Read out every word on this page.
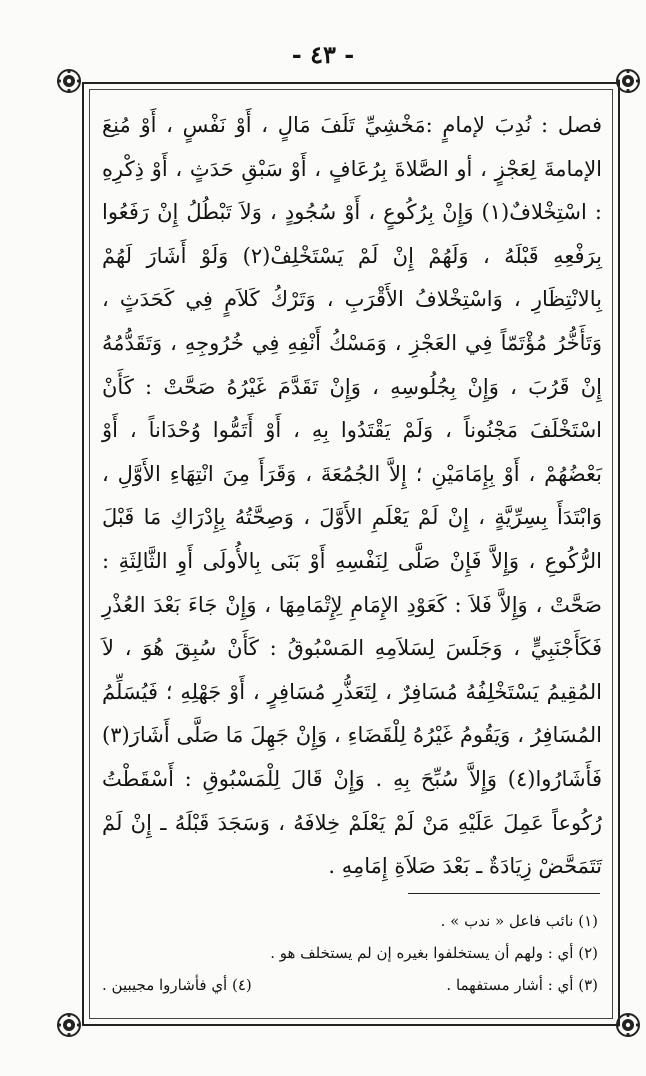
- ٤٣ -

فصل : نُدِبَ لإمامٍ :مَخْشِيِّ تَلَفَ مَالٍ ، أَوْ نَفْسٍ ، أَوْ مُنِعَ الإمامةَ لِعَجْزٍ ، أو الصَّلاةَ بِرُعَافٍ ، أَوْ سَبْقِ حَدَثٍ ، أَوْ ذِكْرِهِ : اسْتِخْلافٌ(١) وَإِنْ بِرُكُوعٍ ، أَوْ سُجُودٍ ، وَلاَ تَبْطُلُ إِنْ رَفَعُوا بِرَفْعِهِ قَبْلَهُ ، وَلَهُمْ إِنْ لَمْ يَسْتَخْلِفْ(٢) وَلَوْ أَشَارَ لَهُمْ بِالانْتِظَارِ ، وَاسْتِخْلافُ الأَقْرَبِ ، وَتَرْكُ كَلاَمٍ فِي كَحَدَثٍ ، وَتَأَخُّرُ مُؤْتَمّاً فِي العَجْزِ ، وَمَسْكُ أَنْفِهِ فِي خُرُوجِهِ ، وَتَقَدُّمُهُ إِنْ قَرُبَ ، وَإِنْ بِجُلُوسِهِ ، وَإِنْ تَقَدَّمَ غَيْرُهُ صَحَّتْ : كَأَنْ اسْتَخْلَفَ مَجْنُوناً ، وَلَمْ يَقْتَدُوا بِهِ ، أَوْ أَتَمُّوا وُحْدَاناً ، أَوْ بَعْضُهُمْ ، أَوْ بِإِمَامَيْنِ ؛ إِلاَّ الجُمُعَةَ ، وَقَرَأَ مِنَ انْتِهَاءِ الأَوَّلِ ، وَابْتَدَأَ بِسِرِّيَّةٍ ، إِنْ لَمْ يَعْلَمِ الأَوَّلَ ، وَصِحَّتُهُ بِإِدْرَاكِ مَا قَبْلَ الرُّكُوعِ ، وَإِلاَّ فَإِنْ صَلَّى لِنَفْسِهِ أَوْ بَنَى بِالأُولَى أَوِ الثَّالِثَةِ : صَحَّتْ ، وَإِلاَّ فَلاَ : كَعَوْدِ الإِمَامِ لِإِتْمَامِهَا ، وَإِنْ جَاءَ بَعْدَ العُذْرِ فَكَأَجْنَبِيٍّ ، وَجَلَسَ لِسَلاَمِهِ المَسْبُوقُ : كَأَنْ سُبِقَ هُوَ ، لاَ المُقِيمُ يَسْتَخْلِفُهُ مُسَافِرٌ ، لِتَعَذُّرِ مُسَافِرٍ ، أَوْ جَهْلِهِ ؛ فَيُسَلِّمُ المُسَافِرُ ، وَيَقُومُ غَيْرُهُ لِلْقَضَاءِ ، وَإِنْ جَهِلَ مَا صَلَّى أَشَارَ(٣) فَأَشَارُوا(٤) وَإِلاَّ سُبِّحَ بِهِ . وَإِنْ قَالَ لِلْمَسْبُوقِ : أَسْقَطْتُ رُكُوعاً عَمِلَ عَلَيْهِ مَنْ لَمْ يَعْلَمْ خِلافَهُ ، وَسَجَدَ قَبْلَهُ ـ إِنْ لَمْ تَتَمَحَّضْ زِيَادَةٌ ـ بَعْدَ صَلاَةِ إِمَامِهِ .

(١) نائب فاعل « ندب » .
(٢) أي : ولهم أن يستخلفوا بغيره إن لم يستخلف هو .
(٣) أي : أشار مستفهما .
(٤) أي فأشاروا مجيبين .
